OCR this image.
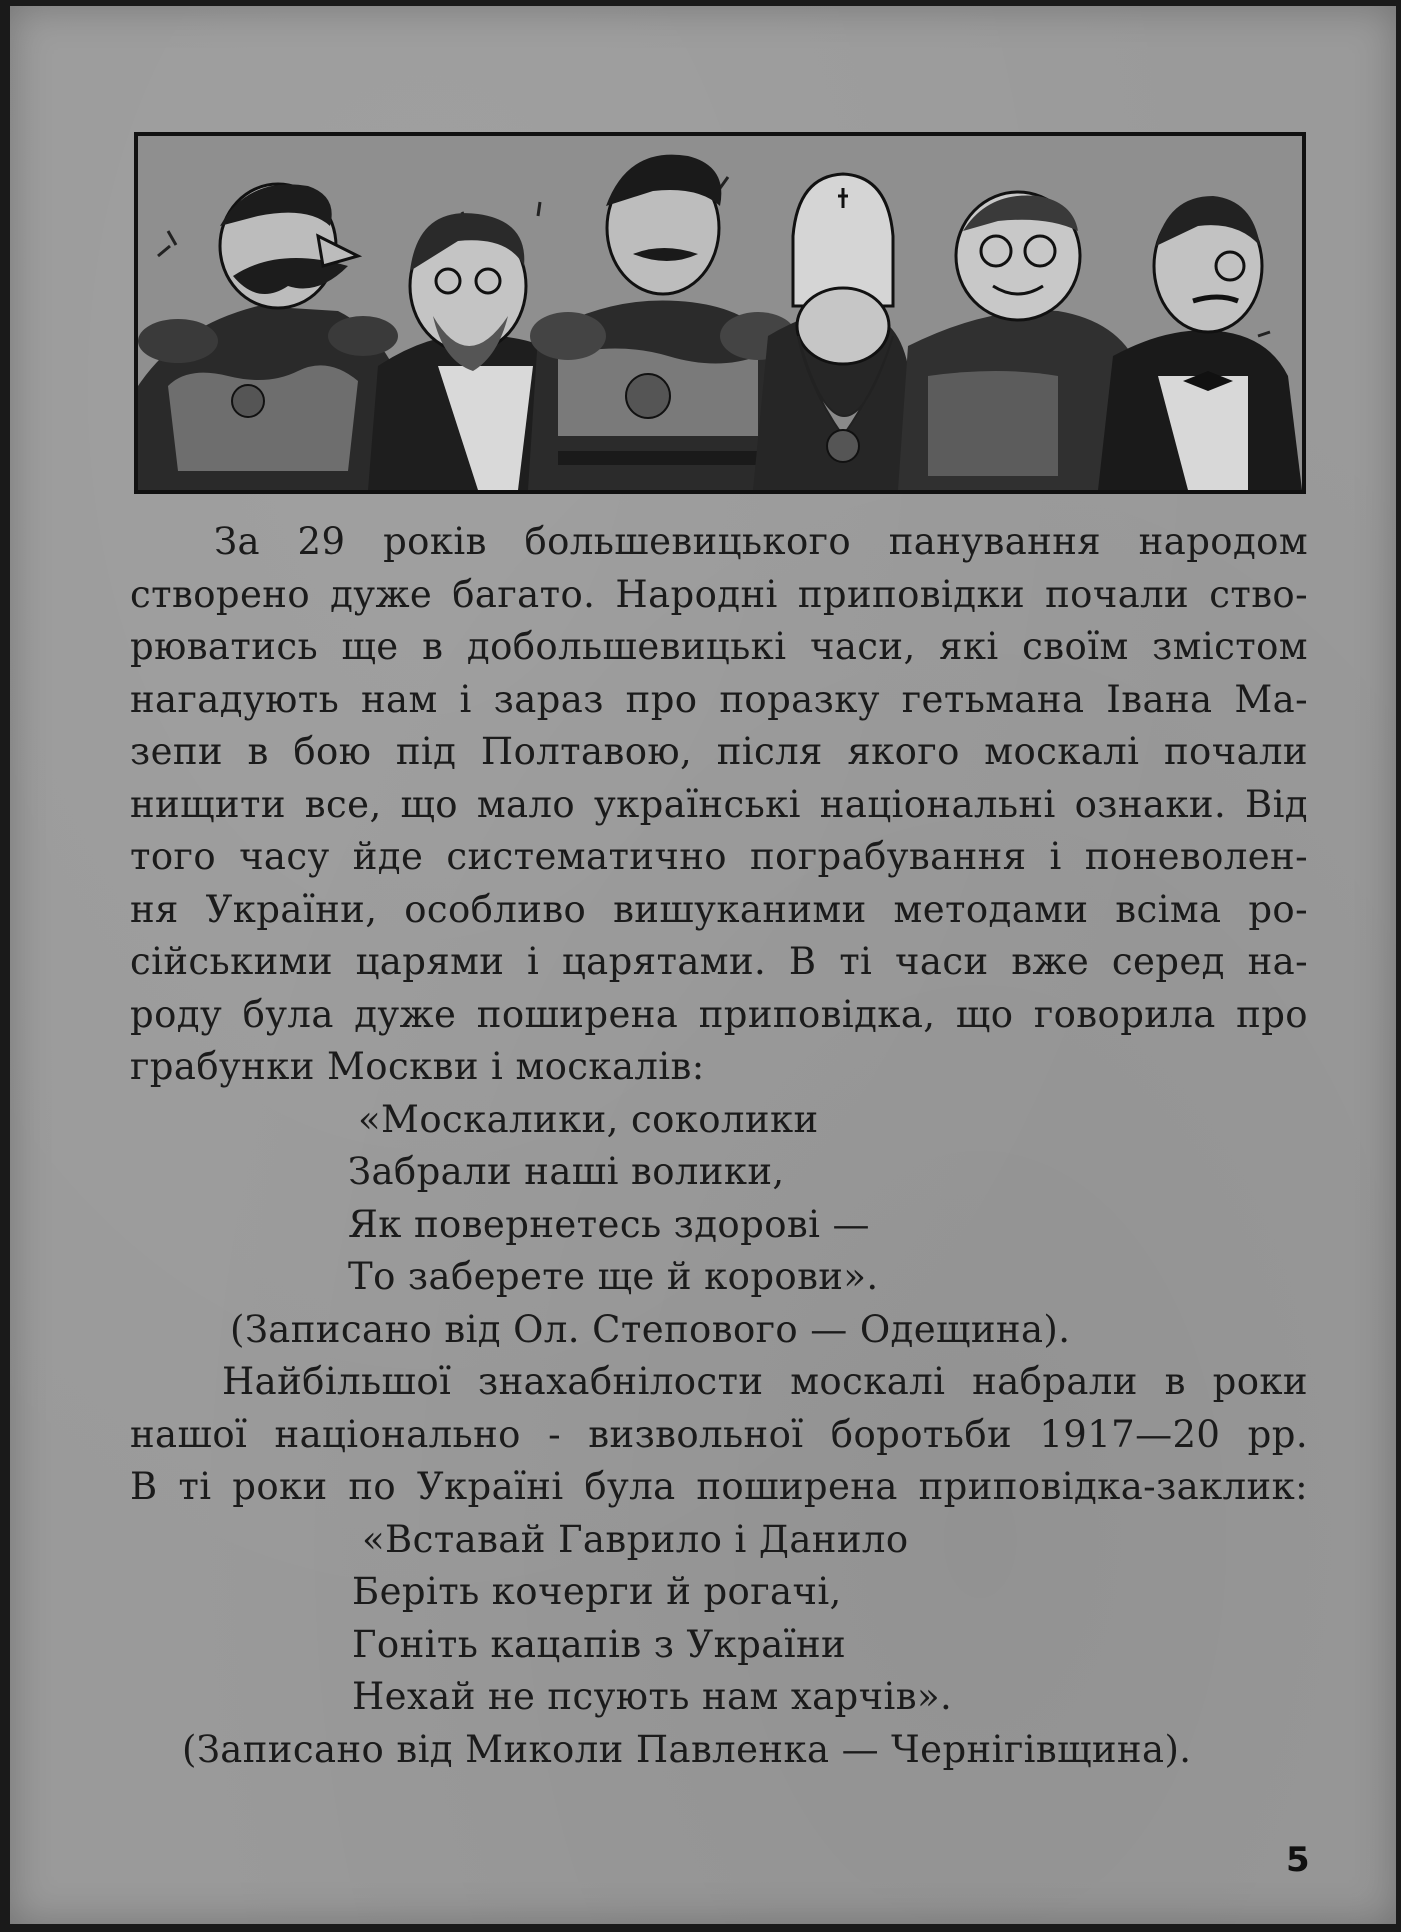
За 29 років большевицького панування народом
створено дуже багато. Народні приповідки почали ство-
рюватись ще в добольшевицькі часи, які своїм змістом
нагадують нам і зараз про поразку гетьмана Івана Ма-
зепи в бою під Полтавою, після якого москалі почали
нищити все, що мало українські національні ознаки. Від
того часу йде систематично пограбування і поневолен-
ня України, особливо вишуканими методами всіма ро-
сійськими царями і царятами. В ті часи вже серед на-
роду була дуже поширена приповідка, що говорила про
грабунки Москви і москалів:

«Москалики, соколики
Забрали наші волики,
Як повернетесь здорові —
То заберете ще й корови».

(Записано від Ол. Степового — Одещина).

Найбільшої знахабнілости москалі набрали в роки
нашої національно - визвольної боротьби 1917—20 рр.
В ті роки по Україні була поширена приповідка-заклик:

«Вставай Гаврило і Данило
Беріть кочерги й рогачі,
Гоніть кацапів з України
Нехай не псують нам харчів».

(Записано від Миколи Павленка — Чернігівщина).

5
